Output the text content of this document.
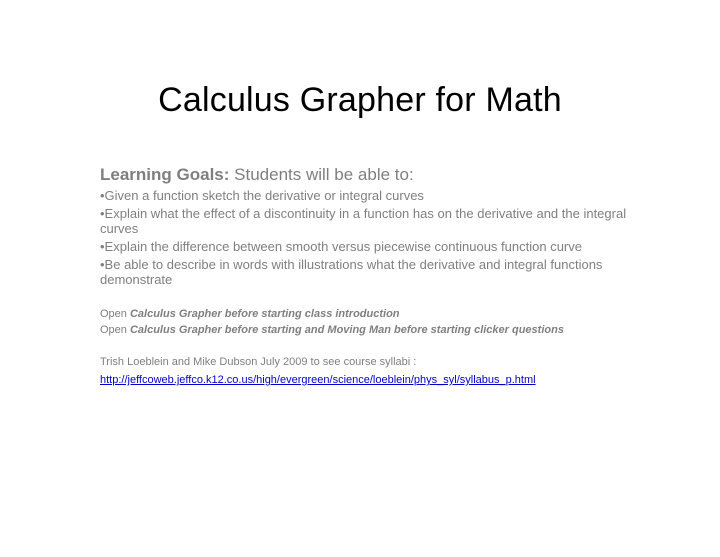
Calculus Grapher for Math
Learning Goals: Students will be able to:
•Given a function sketch the derivative or integral curves
•Explain what the effect of a discontinuity in a function has on the derivative and the integral curves
•Explain the difference between smooth versus piecewise continuous function curve
•Be able to describe in words with illustrations what the derivative and integral functions demonstrate
Open Calculus Grapher before starting class introduction
Open Calculus Grapher before starting and Moving Man before starting clicker questions
Trish Loeblein and Mike Dubson July 2009 to see course syllabi :
http://jeffcoweb.jeffco.k12.co.us/high/evergreen/science/loeblein/phys_syl/syllabus_p.html
